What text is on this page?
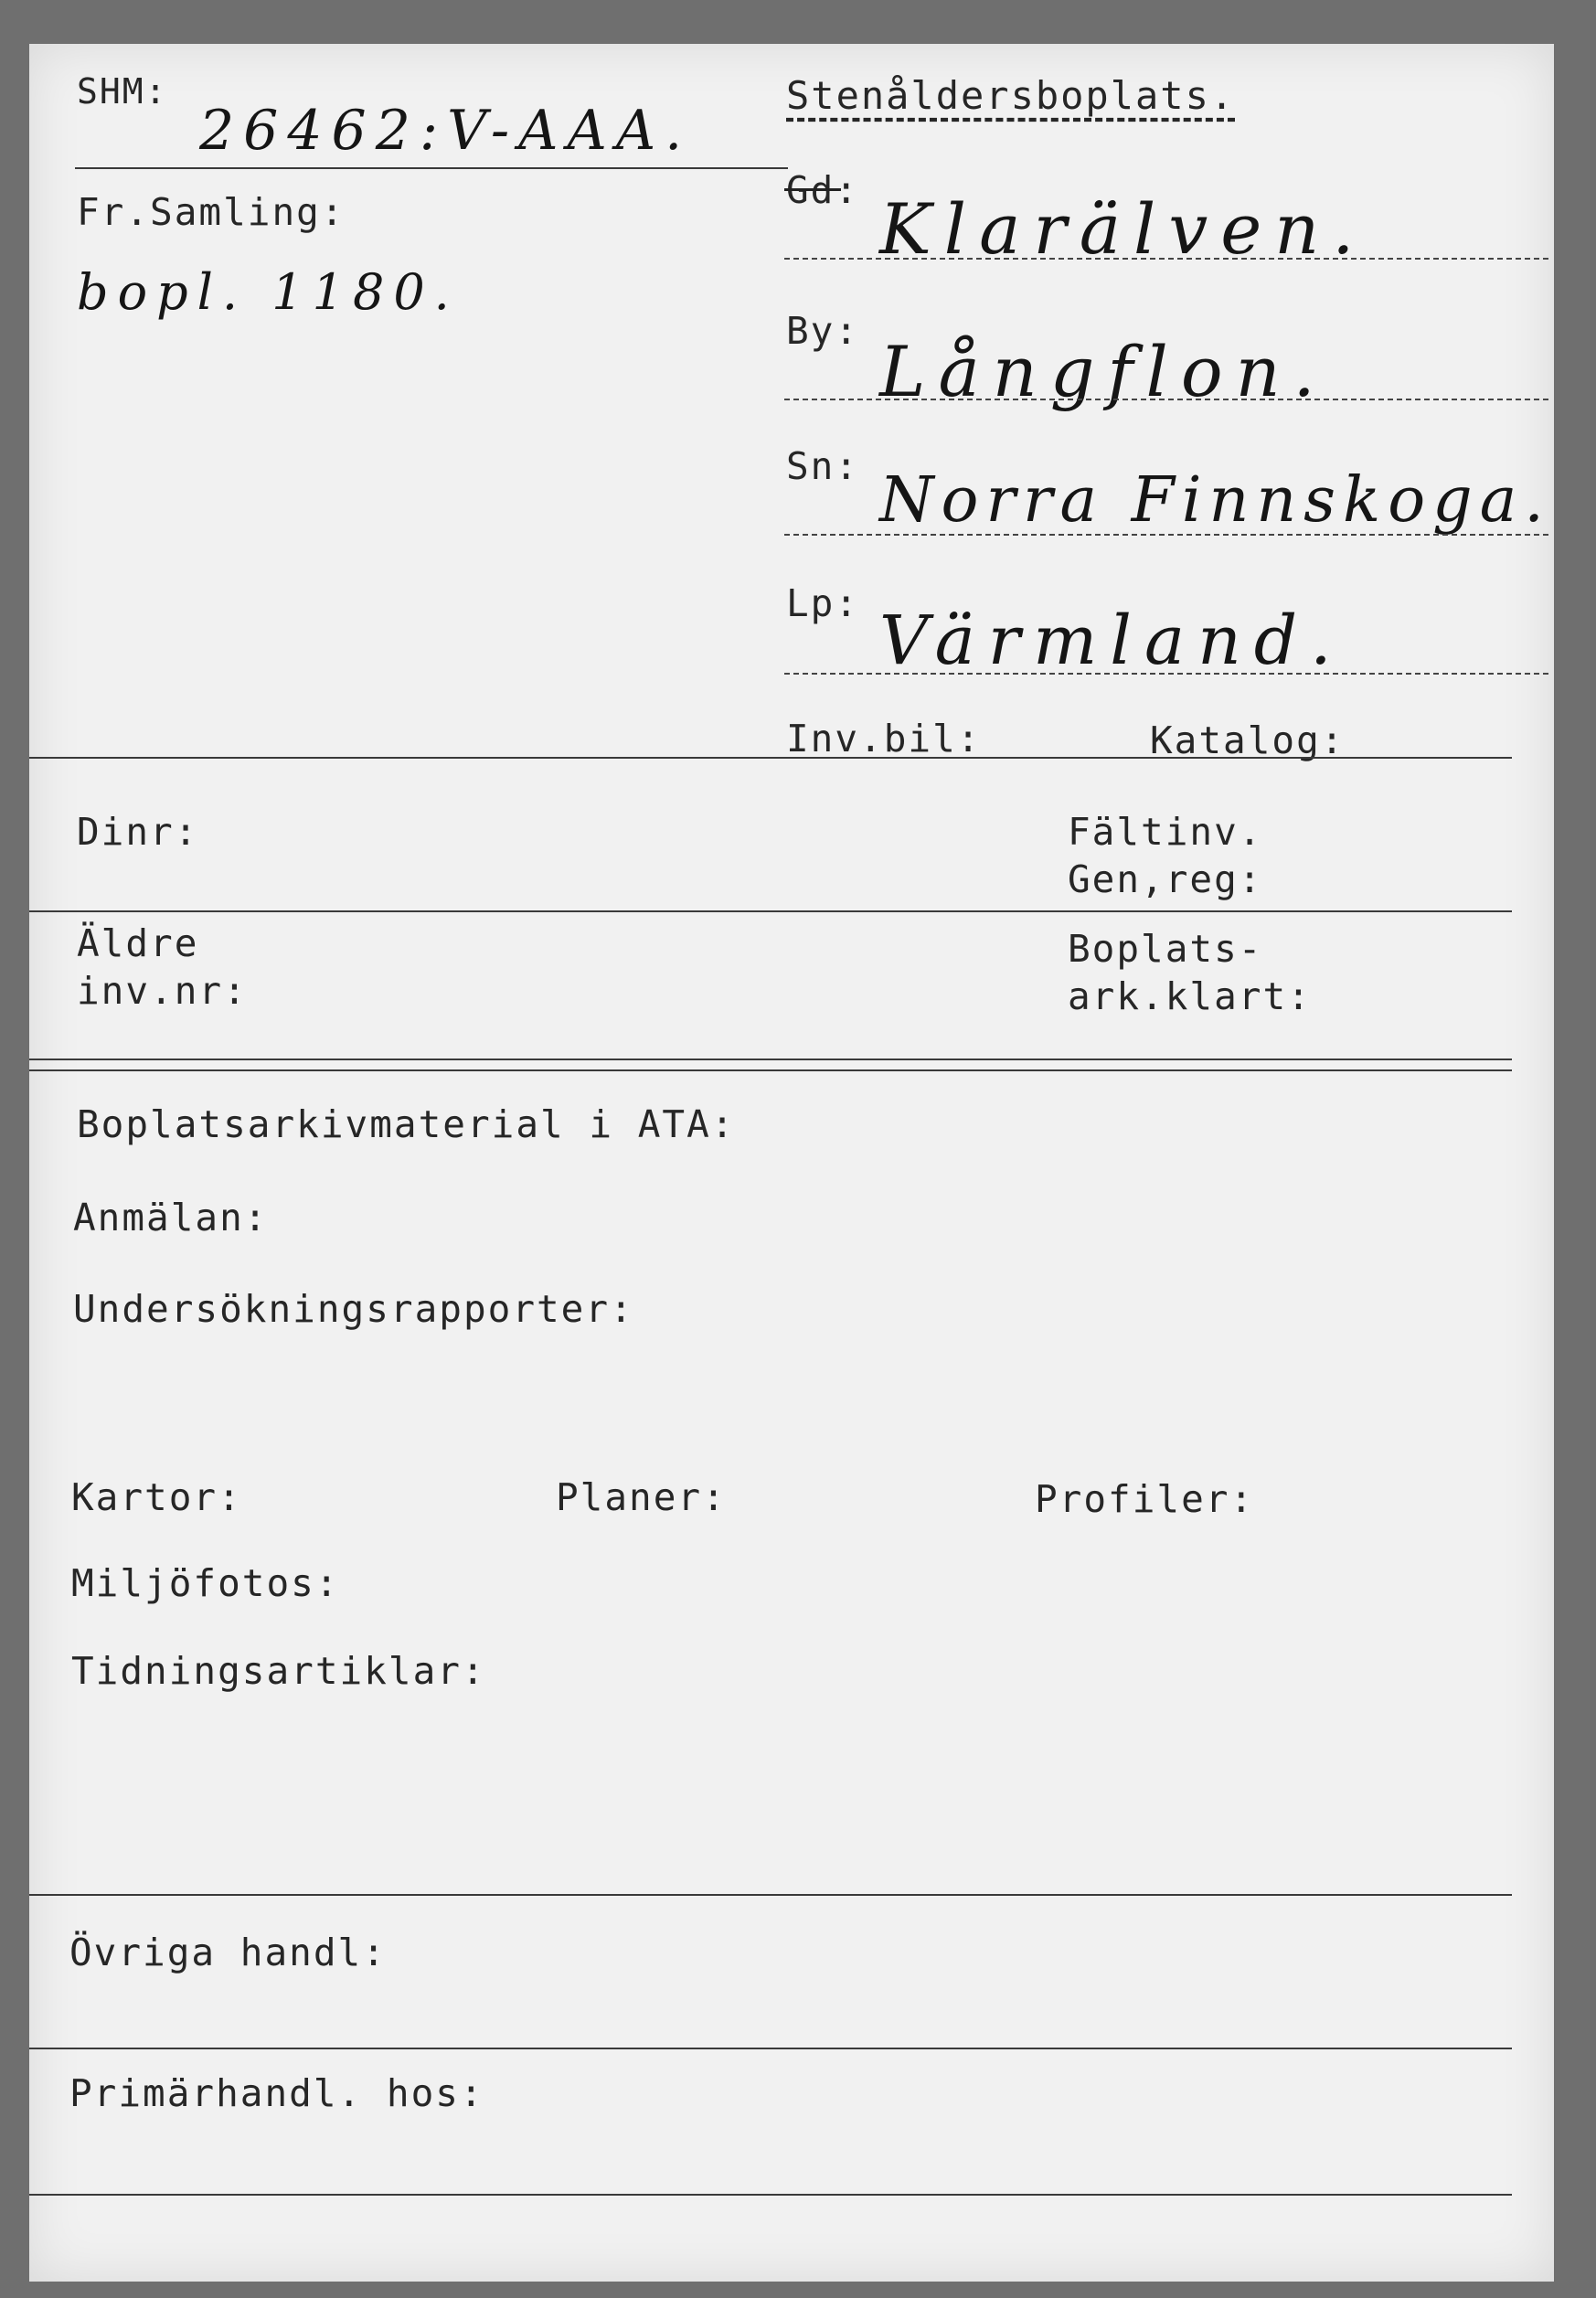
SHM:
26462:V-AAA.
Fr.Samling:
bopl. 1180.
Stenåldersboplats.
Gd: Klarälven.
By: Långflon.
Sn: Norra Finnskoga.
Lp: Värmland.
Inv.bil:	Katalog:
Dinr:	Fältinv.
Gen,reg:
Äldre
inv.nr:
Boplats-
ark.klart:
Boplatsarkivmaterial i ATA:
Anmälan:
Undersökningsrapporter:
Kartor:	Planer:	Profiler:
Miljöfotos:
Tidningsartiklar:
Övriga handl:
Primärhandl. hos:
